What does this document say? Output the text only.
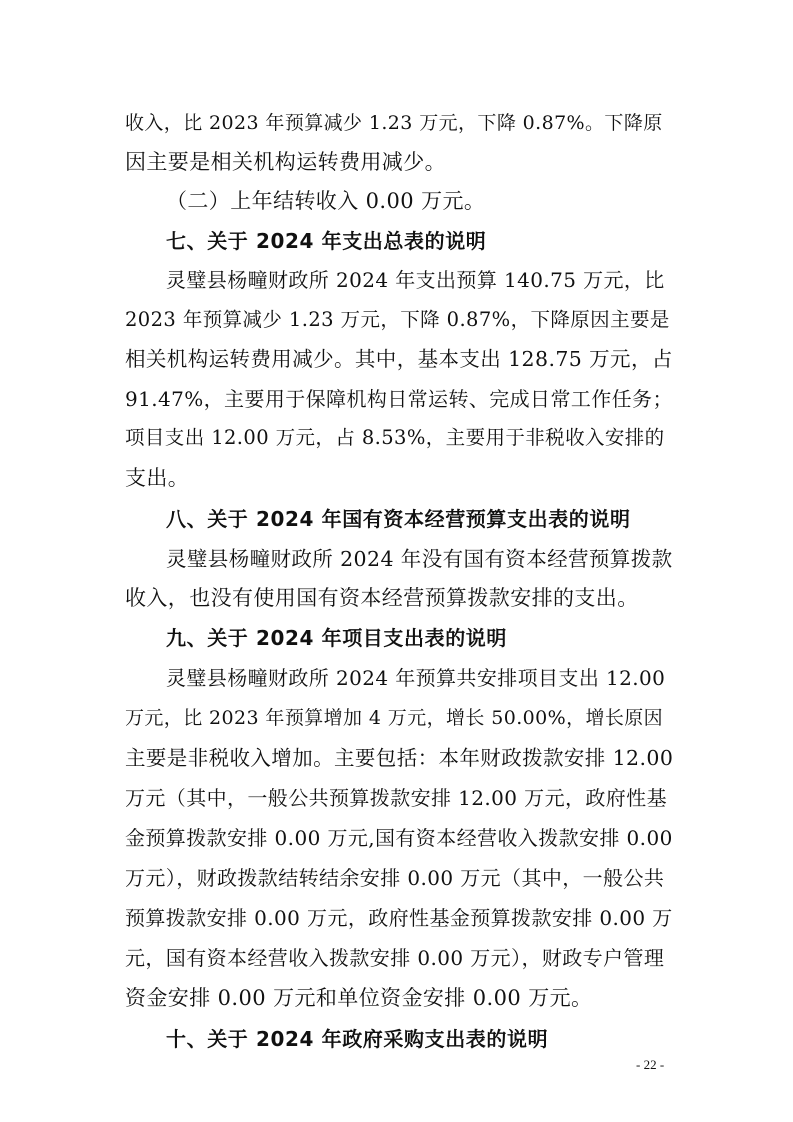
收入，比 2023 年预算减少 1.23 万元，下降 0.87%。下降原
因主要是相关机构运转费用减少。
（二）上年结转收入 0.00 万元。
七、关于 2024 年支出总表的说明
灵璧县杨疃财政所 2024 年支出预算 140.75 万元，比
2023 年预算减少 1.23 万元，下降 0.87%，下降原因主要是
相关机构运转费用减少。其中，基本支出 128.75 万元，占
91.47%，主要用于保障机构日常运转、完成日常工作任务；
项目支出 12.00 万元，占 8.53%，主要用于非税收入安排的
支出。
八、关于 2024 年国有资本经营预算支出表的说明
灵璧县杨疃财政所 2024 年没有国有资本经营预算拨款
收入，也没有使用国有资本经营预算拨款安排的支出。
九、关于 2024 年项目支出表的说明
灵璧县杨疃财政所 2024 年预算共安排项目支出 12.00
万元，比 2023 年预算增加 4 万元，增长 50.00%，增长原因
主要是非税收入增加。主要包括：本年财政拨款安排 12.00
万元（其中，一般公共预算拨款安排 12.00 万元，政府性基
金预算拨款安排 0.00 万元,国有资本经营收入拨款安排 0.00
万元），财政拨款结转结余安排 0.00 万元（其中，一般公共
预算拨款安排 0.00 万元，政府性基金预算拨款安排 0.00 万
元，国有资本经营收入拨款安排 0.00 万元），财政专户管理
资金安排 0.00 万元和单位资金安排 0.00 万元。
十、关于 2024 年政府采购支出表的说明
- 22 -
